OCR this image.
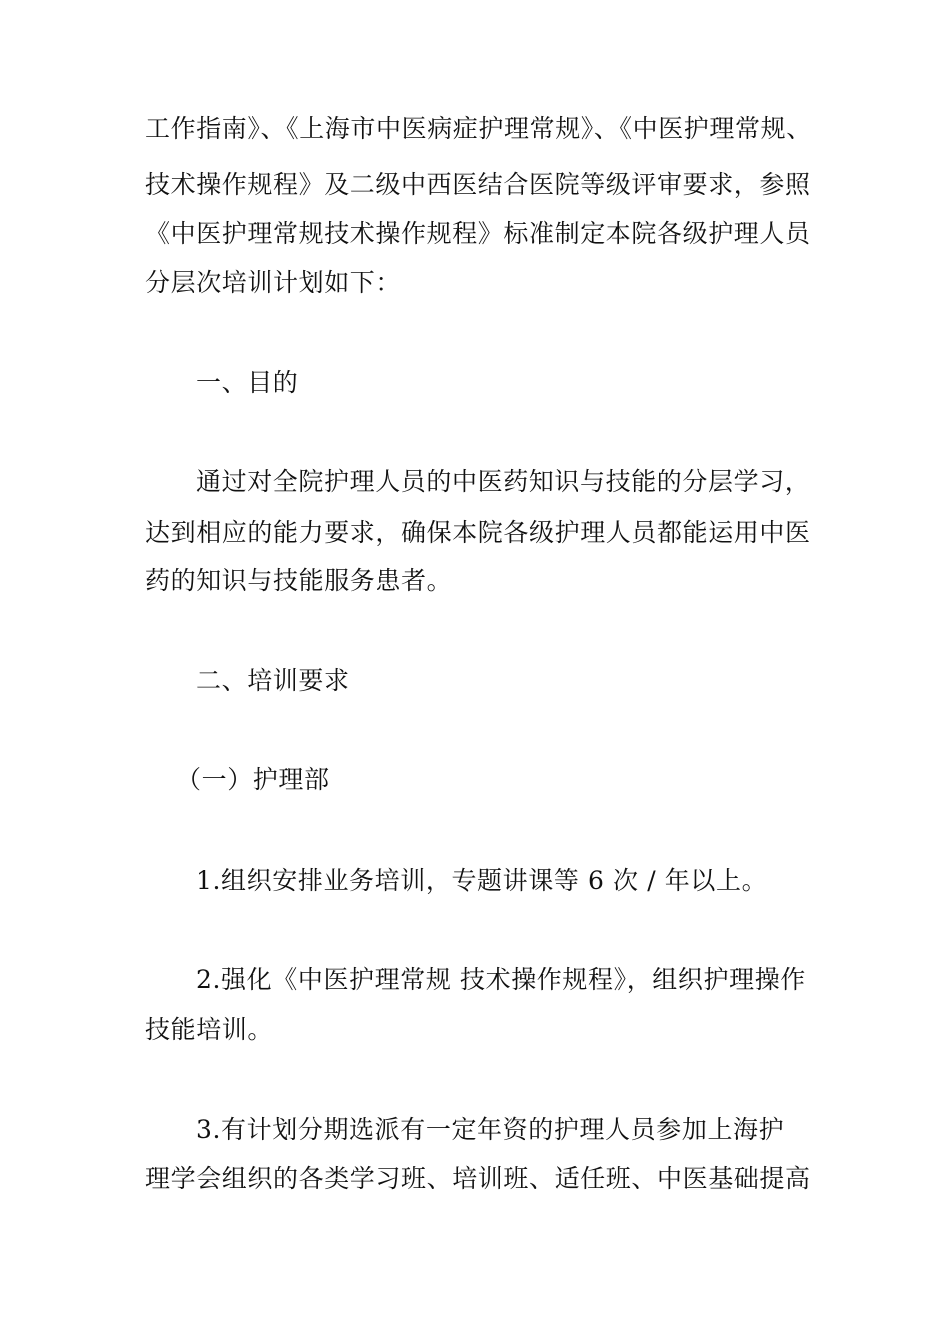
工作指南》、《上海市中医病症护理常规》、《中医护理常规、
技术操作规程》及二级中西医结合医院等级评审要求，参照
《中医护理常规技术操作规程》标准制定本院各级护理人员
分层次培训计划如下：
一、目的
通过对全院护理人员的中医药知识与技能的分层学习，
达到相应的能力要求，确保本院各级护理人员都能运用中医
药的知识与技能服务患者。
二、培训要求
（一）护理部
1.组织安排业务培训，专题讲课等 6 次 / 年以上。
2.强化《中医护理常规 技术操作规程》，组织护理操作
技能培训。
3.有计划分期选派有一定年资的护理人员参加上海护
理学会组织的各类学习班、培训班、适任班、中医基础提高
